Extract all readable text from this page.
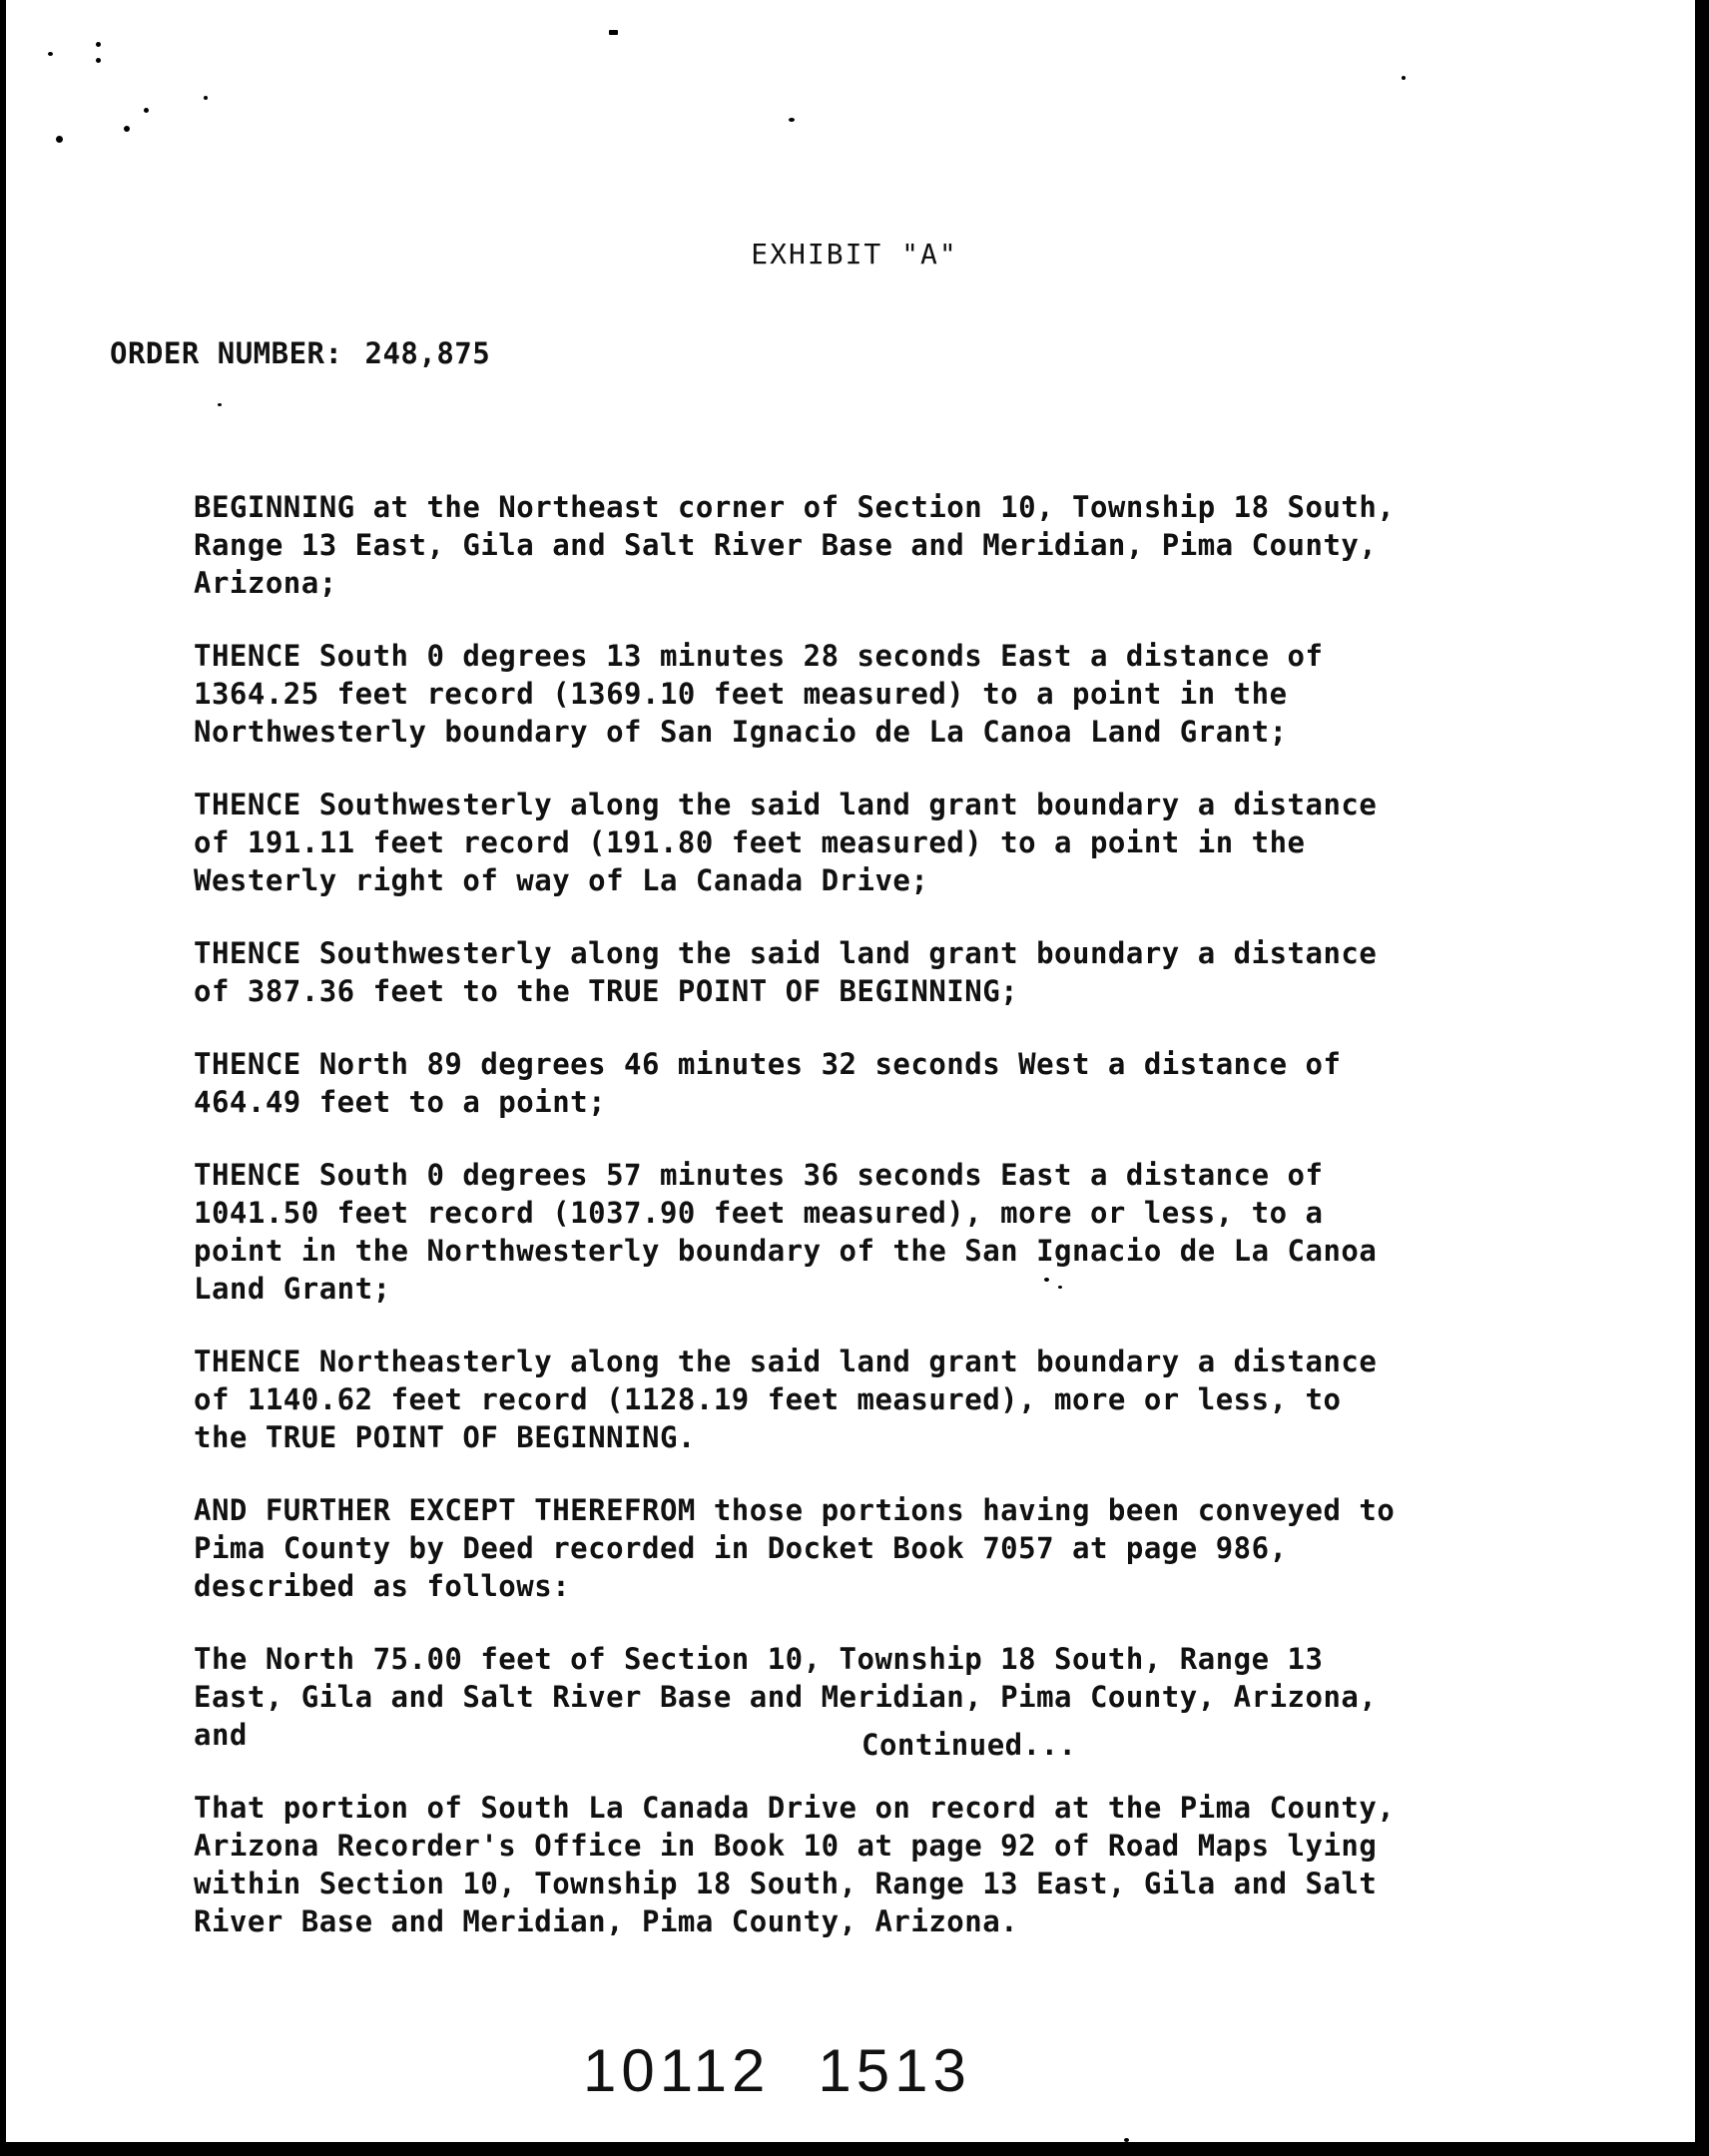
EXHIBIT "A"
ORDER NUMBER: 248,875

BEGINNING at the Northeast corner of Section 10, Township 18 South, Range 13 East, Gila and Salt River Base and Meridian, Pima County, Arizona;

THENCE South 0 degrees 13 minutes 28 seconds East a distance of 1364.25 feet record (1369.10 feet measured) to a point in the Northwesterly boundary of San Ignacio de La Canoa Land Grant;

THENCE Southwesterly along the said land grant boundary a distance of 191.11 feet record (191.80 feet measured) to a point in the Westerly right of way of La Canada Drive;

THENCE Southwesterly along the said land grant boundary a distance of 387.36 feet to the TRUE POINT OF BEGINNING;

THENCE North 89 degrees 46 minutes 32 seconds West a distance of 464.49 feet to a point;

THENCE South 0 degrees 57 minutes 36 seconds East a distance of 1041.50 feet record (1037.90 feet measured), more or less, to a point in the Northwesterly boundary of the San Ignacio de La Canoa Land Grant;

THENCE Northeasterly along the said land grant boundary a distance of 1140.62 feet record (1128.19 feet measured), more or less, to the TRUE POINT OF BEGINNING.

AND FURTHER EXCEPT THEREFROM those portions having been conveyed to Pima County by Deed recorded in Docket Book 7057 at page 986, described as follows:

The North 75.00 feet of Section 10, Township 18 South, Range 13 East, Gila and Salt River Base and Meridian, Pima County, Arizona, and

That portion of South La Canada Drive on record at the Pima County, Arizona Recorder's Office in Book 10 at page 92 of Road Maps lying within Section 10, Township 18 South, Range 13 East, Gila and Salt River Base and Meridian, Pima County, Arizona.

Continued...
10112 1513
